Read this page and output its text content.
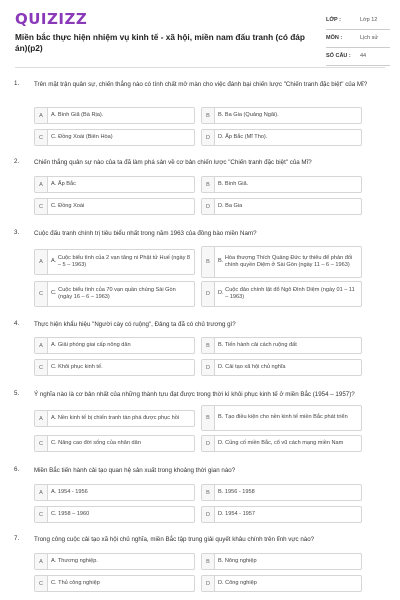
QUIZIZZ
Miền bắc thực hiện nhiệm vụ kinh tế - xã hội, miền nam đấu tranh (có đáp án)(p2)
LỚP :	Lớp 12
MÔN :	Lịch sử
SỐ CÂU : 44
1. Trên mặt trận quân sự, chiến thắng nào có tính chất mở màn cho việc đánh bại chiến lược "Chiến tranh đặc biệt" của Mĩ?
A	A.
Bình Giã (Bà Rịa).	B	B.
Ba Gia (Quảng Ngãi).
C	C.
Đồng Xoài (Biên Hòa)	D	D.
Ấp Bắc (Mĩ Tho).
2. Chiến thắng quân sự nào của ta đã làm phá sản về cơ bản chiến lược "Chiến tranh đặc biệt" của Mĩ?
A	A.
Ấp Bắc	B	B.
Bình Giã.
C	C.
Đồng Xoài	D	D.
Ba Gia
3. Cuộc đấu tranh chính trị tiêu biểu nhất trong năm 1963 của đồng bào miền Nam?
A	A.

Cuộc biểu tình của 2 vạn tăng ni Phật tử Huế (ngày 8 – 5 – 1963)	B	B.

Hòa thượng Thích Quảng Đức tự thiêu để phản đối chính quyền Diệm ở Sài Gòn (ngày 11 – 6 – 1963)
C	C.

Cuộc biểu tình của 70 vạn quần chúng Sài Gòn (ngày 16 – 6 – 1963)	D	D.

Cuộc đảo chính lật đổ Ngô Đình Diệm (ngày 01 – 11 – 1963)
4. Thực hiện khẩu hiệu "Người cày có ruộng", Đảng ta đã có chủ trương gì?
A	A.
Giải phóng giai cấp nông dân	B	B.
Tiến hành cải cách ruộng đất
C	C.
Khôi phục kinh tế.	D	D.
Cải tạo xã hội chủ nghĩa
5. Ý nghĩa nào là cơ bản nhất của những thành tựu đạt được trong thời kì khôi phục kinh tế ở miền Bắc (1954 – 1957)?
A	A.
Nền kinh tế bị chiến tranh tàn phá được phục hồi	B	B.
Tạo điều kiện cho nền kinh tế miền Bắc phát triển
C	C.
Nâng cao đời sống của nhân dân	D	D.
Củng cố miền Bắc, cổ vũ cách mạng miền Nam
6. Miền Bắc tiến hành cải tạo quan hệ sản xuất trong khoảng thời gian nào?
A	A.
1954 - 1956	B	B.
1956 - 1958
C	C.
1958 – 1960	D	D.
1954 - 1957
7. Trong công cuộc cải tạo xã hội chủ nghĩa, miền Bắc tập trung giải quyết khâu chính trên lĩnh vực nào?
A	A.
Thương nghiệp.	B	B.
Nông nghiệp
C	C.
Thủ công nghiệp	D	D.
Công nghiệp
